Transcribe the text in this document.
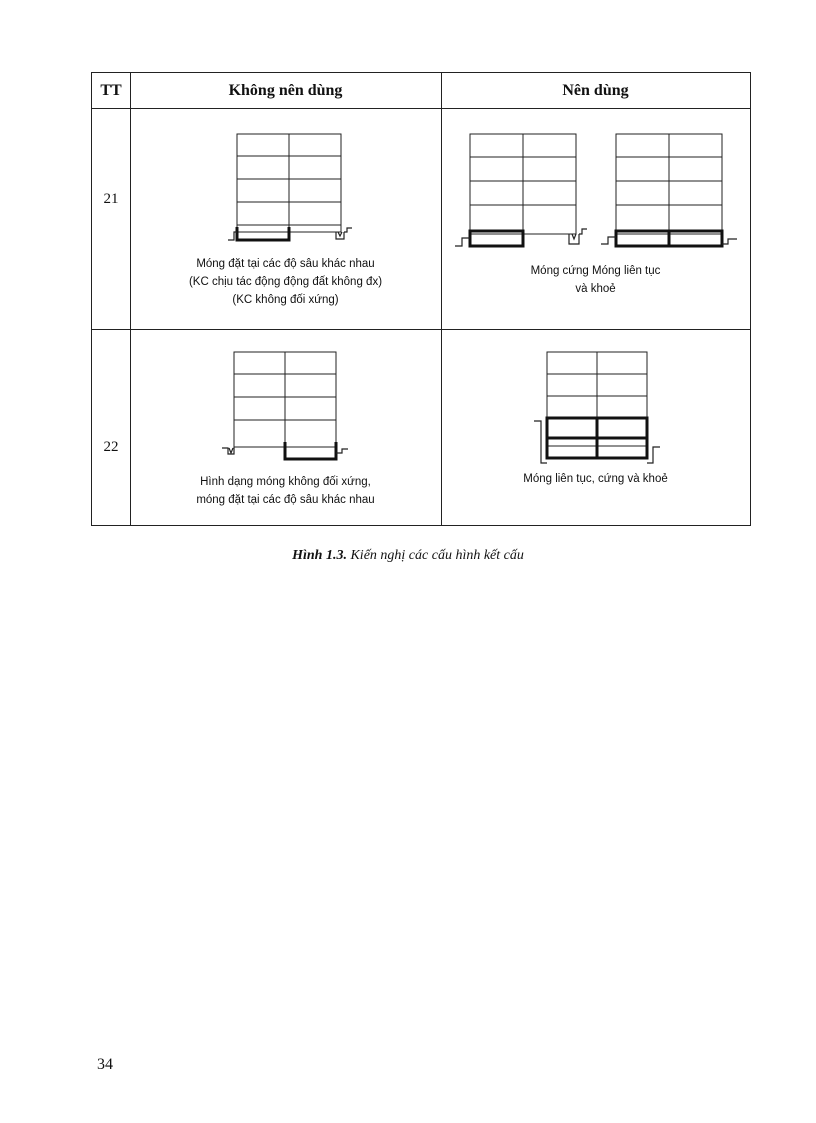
TT	Không nên dùng	Nên dùng
21
22
Móng đặt tại các độ sâu khác nhau
(KC chịu tác động động đất không đx)
(KC không đối xứng)
Móng cứng Móng liên tục
và khoẻ
Hình dạng móng không đối xứng,
móng đặt tại các độ sâu khác nhau
Móng liên tục, cứng và khoẻ
Hình 1.3. Kiến nghị các cấu hình kết cấu
34
